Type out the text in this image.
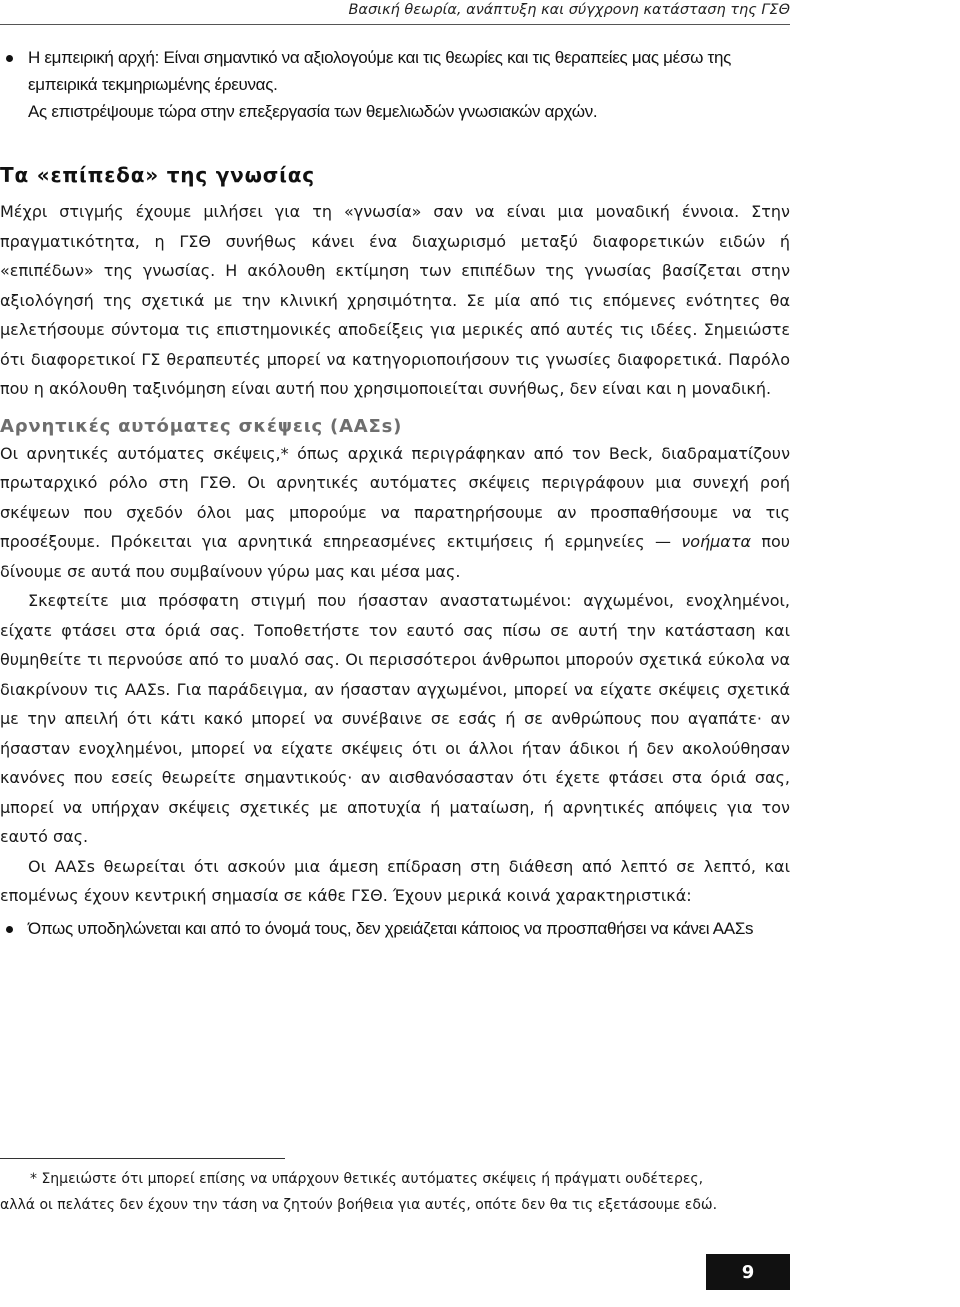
Βασική θεωρία, ανάπτυξη και σύγχρονη κατάσταση της ΓΣΘ
Η εμπειρική αρχή: Είναι σημαντικό να αξιολογούμε και τις θεωρίες και τις θεραπείες μας μέσω της εμπειρικά τεκμηριωμένης έρευνας.
Ας επιστρέψουμε τώρα στην επεξεργασία των θεμελιωδών γνωσιακών αρχών.
Τα «επίπεδα» της γνωσίας

Μέχρι στιγμής έχουμε μιλήσει για τη «γνωσία» σαν να είναι μια μοναδική έννοια. Στην πραγματικότητα, η ΓΣΘ συνήθως κάνει ένα διαχωρισμό μεταξύ διαφορετικών ειδών ή «επιπέδων» της γνωσίας. Η ακόλουθη εκτίμηση των επιπέδων της γνωσίας βασίζεται στην αξιολόγησή της σχετικά με την κλινική χρησιμότητα. Σε μία από τις επόμενες ενότητες θα μελετήσουμε σύντομα τις επιστημονικές αποδείξεις για μερικές από αυτές τις ιδέες. Σημειώστε ότι διαφορετικοί ΓΣ θεραπευτές μπορεί να κατηγοριοποιήσουν τις γνωσίες διαφορετικά. Παρόλο που η ακόλουθη ταξινόμηση είναι αυτή που χρησιμοποιείται συνήθως, δεν είναι και η μοναδική.

Αρνητικές αυτόματες σκέψεις (ΑΑΣs)

Οι αρνητικές αυτόματες σκέψεις,* όπως αρχικά περιγράφηκαν από τον Beck, διαδραματίζουν πρωταρχικό ρόλο στη ΓΣΘ. Οι αρνητικές αυτόματες σκέψεις περιγράφουν μια συνεχή ροή σκέψεων που σχεδόν όλοι μας μπορούμε να παρατηρήσουμε αν προσπαθήσουμε να τις προσέξουμε. Πρόκειται για αρνητικά επηρεασμένες εκτιμήσεις ή ερμηνείες — νοήματα που δίνουμε σε αυτά που συμβαίνουν γύρω μας και μέσα μας.

Σκεφτείτε μια πρόσφατη στιγμή που ήσασταν αναστατωμένοι: αγχωμένοι, ενοχλημένοι, είχατε φτάσει στα όριά σας. Τοποθετήστε τον εαυτό σας πίσω σε αυτή την κατάσταση και θυμηθείτε τι περνούσε από το μυαλό σας. Οι περισσότεροι άνθρωποι μπορούν σχετικά εύκολα να διακρίνουν τις ΑΑΣs. Για παράδειγμα, αν ήσασταν αγχωμένοι, μπορεί να είχατε σκέψεις σχετικά με την απειλή ότι κάτι κακό μπορεί να συνέβαινε σε εσάς ή σε ανθρώπους που αγαπάτε· αν ήσασταν ενοχλημένοι, μπορεί να είχατε σκέψεις ότι οι άλλοι ήταν άδικοι ή δεν ακολούθησαν κανόνες που εσείς θεωρείτε σημαντικούς· αν αισθανόσασταν ότι έχετε φτάσει στα όριά σας, μπορεί να υπήρχαν σκέψεις σχετικές με αποτυχία ή ματαίωση, ή αρνητικές απόψεις για τον εαυτό σας.

Οι ΑΑΣs θεωρείται ότι ασκούν μια άμεση επίδραση στη διάθεση από λεπτό σε λεπτό, και επομένως έχουν κεντρική σημασία σε κάθε ΓΣΘ. Έχουν μερικά κοινά χαρακτηριστικά:

Όπως υποδηλώνεται και από το όνομά τους, δεν χρειάζεται κάποιος να προσπαθήσει να κάνει ΑΑΣs
* Σημειώστε ότι μπορεί επίσης να υπάρχουν θετικές αυτόματες σκέψεις ή πράγματι ουδέτερες,
αλλά οι πελάτες δεν έχουν την τάση να ζητούν βοήθεια για αυτές, οπότε δεν θα τις εξετάσουμε εδώ.
9
